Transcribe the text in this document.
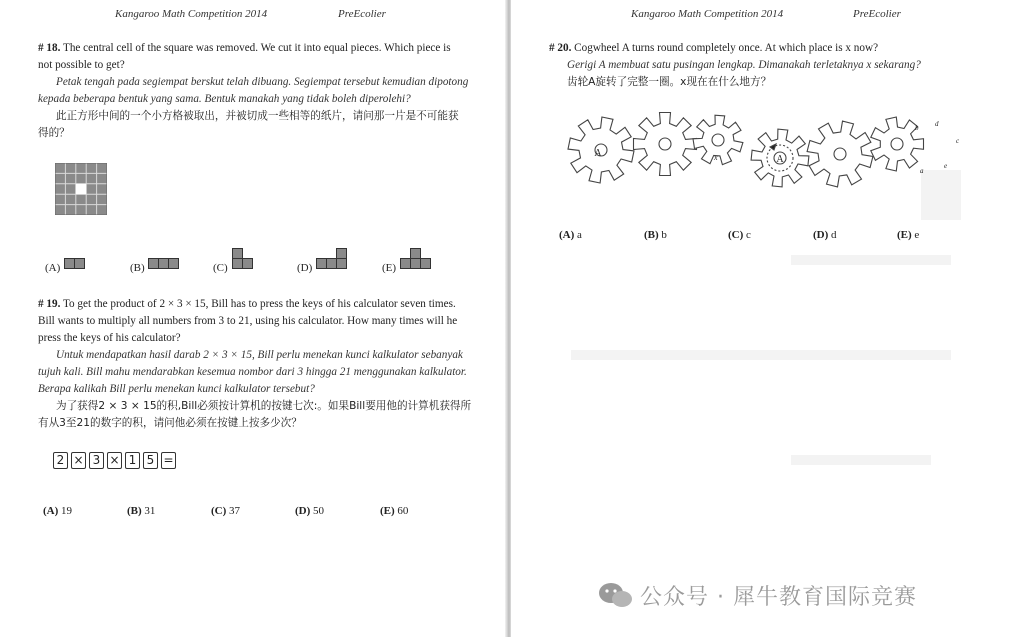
Kangaroo Math Competition 2014	PreEcolier
# 18. The central cell of the square was removed. We cut it into equal pieces. Which piece is
not possible to get?
Petak tengah pada segiempat berskut telah dibuang. Segiempat tersebut kemudian dipotong
kepada beberapa bentuk yang sama. Bentuk manakah yang tidak boleh diperolehi?
此正方形中间的一个小方格被取出，并被切成一些相等的纸片，请问那一片是不可能获
得的？
(A)	(B)	(C)	(D)	(E)
# 19. To get the product of 2 × 3 × 15, Bill has to press the keys of his calculator seven times.
Bill wants to multiply all numbers from 3 to 21, using his calculator. How many times will he
press the keys of his calculator?
Untuk mendapatkan hasil darab 2 × 3 × 15, Bill perlu menekan kunci kalkulator sebanyak
tujuh kali. Bill mahu mendarabkan kesemua nombor dari 3 hingga 21 menggunakan kalkulator.
Berapa kalikah Bill perlu menekan kunci kalkulator tersebut?
为了获得2 × 3 × 15的积,Bill必须按计算机的按键七次:。如果Bill要用他的计算机获得所
有从3至21的数字的积，请问他必须在按键上按多少次？
2 × 3 × 1 5 =
(A) 19	(B) 31	(C) 37	(D) 50	(E) 60
Kangaroo Math Competition 2014	PreEcolier
# 20. Cogwheel A turns round completely once. At which place is x now?
Gerigi A membuat satu pusingan lengkap. Dimanakah terletaknya x sekarang?
齿轮A旋转了完整一圈。x现在在什么地方？
A	x	A
a
b
c
d
e
(A) a	(B) b	(C) c	(D) d	(E) e
公众号 · 犀牛教育国际竞赛
